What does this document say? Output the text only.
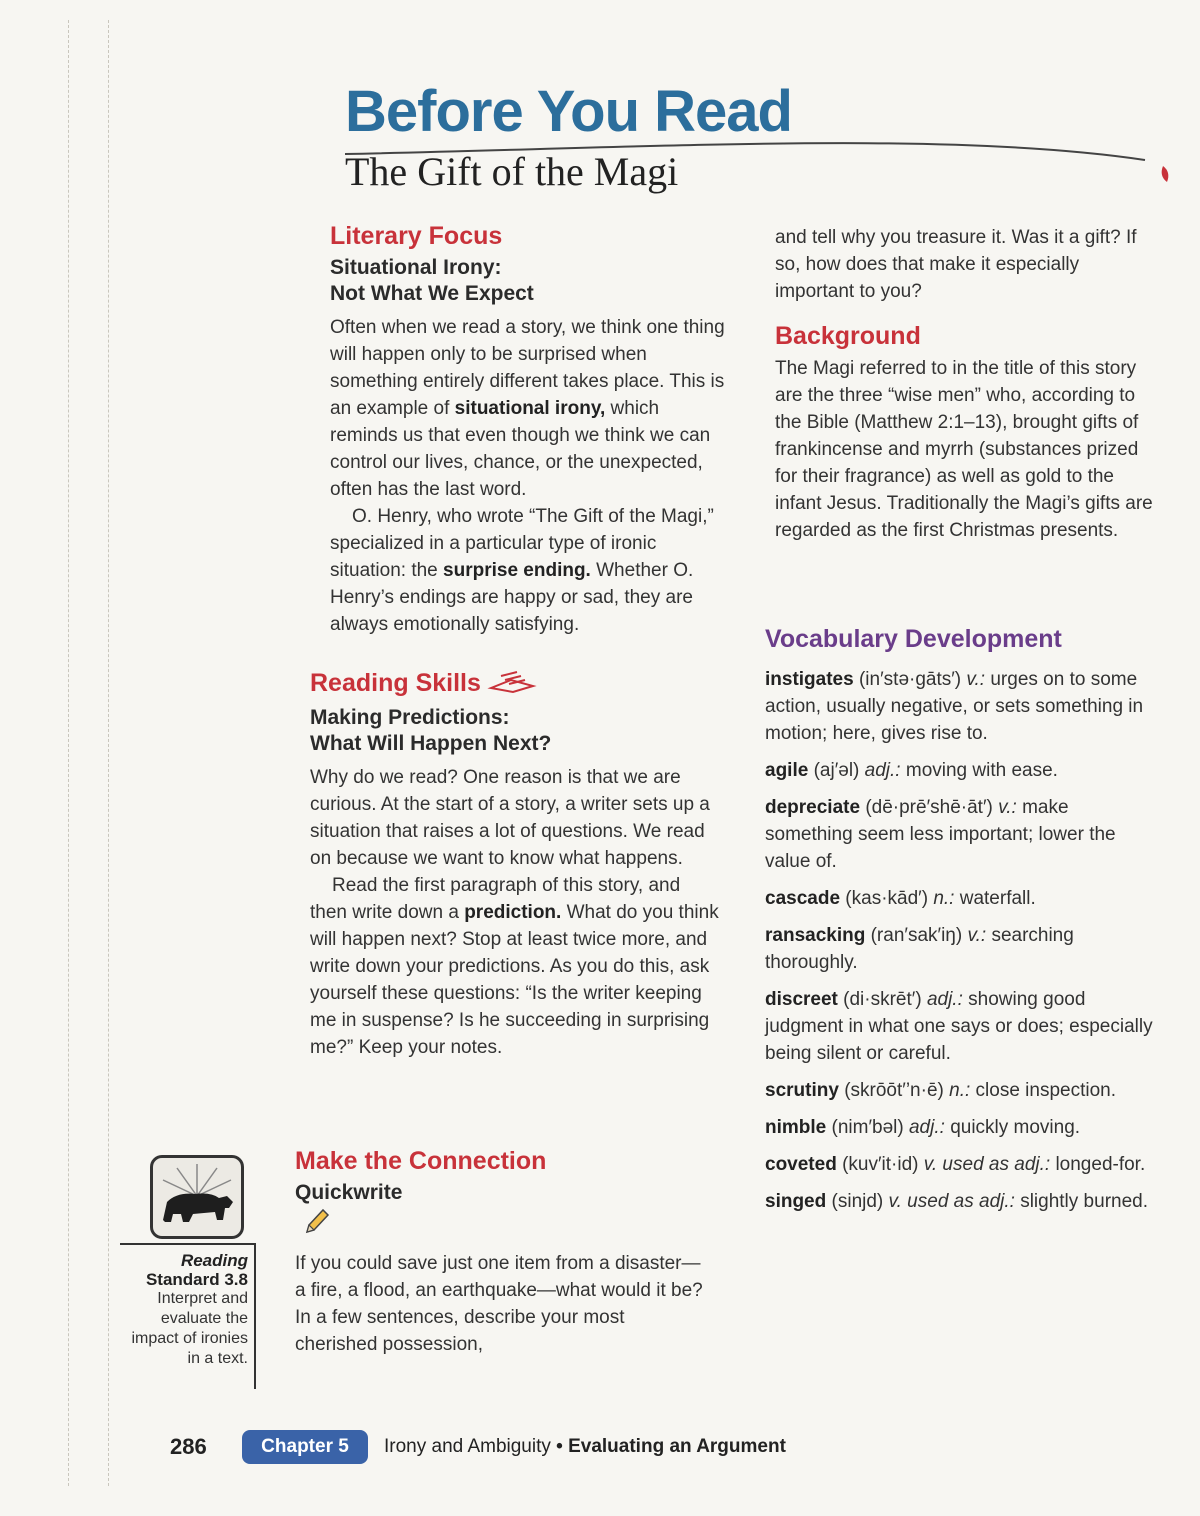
Before You Read
The Gift of the Magi
Literary Focus
Situational Irony:
Not What We Expect

Often when we read a story, we think one thing will happen only to be surprised when something entirely different takes place. This is an example of situational irony, which reminds us that even though we think we can control our lives, chance, or the unexpected, often has the last word.

O. Henry, who wrote “The Gift of the Magi,” specialized in a particular type of ironic situation: the surprise ending. Whether O. Henry’s endings are happy or sad, they are always emotionally satisfying.

Reading Skills
Making Predictions:
What Will Happen Next?

Why do we read? One reason is that we are curious. At the start of a story, a writer sets up a situation that raises a lot of questions. We read on because we want to know what happens.

Read the first paragraph of this story, and then write down a prediction. What do you think will happen next? Stop at least twice more, and write down your predictions. As you do this, ask yourself these questions: “Is the writer keeping me in suspense? Is he succeeding in surprising me?” Keep your notes.

Make the Connection
Quickwrite

If you could save just one item from a disaster—a fire, a flood, an earthquake—what would it be? In a few sentences, describe your most cherished possession,

and tell why you treasure it. Was it a gift? If so, how does that make it especially important to you?

Background

The Magi referred to in the title of this story are the three “wise men” who, according to the Bible (Matthew 2:1–13), brought gifts of frankincense and myrrh (substances prized for their fragrance) as well as gold to the infant Jesus. Traditionally the Magi’s gifts are regarded as the first Christmas presents.

Vocabulary Development

instigates (in′stə·gāts′) v.: urges on to some action, usually negative, or sets something in motion; here, gives rise to.

agile (aj′əl) adj.: moving with ease.

depreciate (dē·prē′shē·āt′) v.: make something seem less important; lower the value of.

cascade (kas·kād′) n.: waterfall.

ransacking (ran′sak′iŋ) v.: searching thoroughly.

discreet (di·skrēt′) adj.: showing good judgment in what one says or does; especially being silent or careful.

scrutiny (skrōōt′’n·ē) n.: close inspection.

nimble (nim′bəl) adj.: quickly moving.

coveted (kuv′it·id) v. used as adj.: longed-for.

singed (sinjd) v. used as adj.: slightly burned.

Reading
Standard 3.8
Interpret and evaluate the impact of ironies in a text.
286	Chapter 5	Irony and Ambiguity • Evaluating an Argument
